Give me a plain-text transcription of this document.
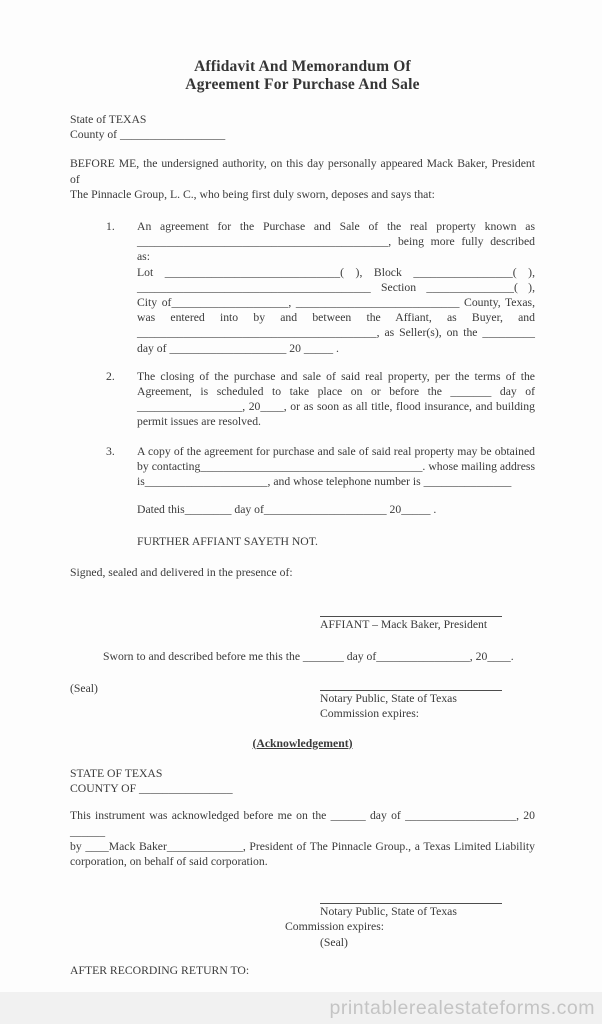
Affidavit And Memorandum Of
Agreement For Purchase And Sale
State of TEXAS
County of __________________
BEFORE ME, the undersigned authority, on this day personally appeared Mack Baker, President of
The Pinnacle Group, L. C., who being first duly sworn, deposes and says that:
1.	An agreement for the Purchase and Sale of the real property known as
___________________________________________, being more fully described as:
Lot ______________________________( ), Block _________________( ),
________________________________________ Section _______________( ),
City of____________________, ____________________________ County, Texas,
was entered into by and between the Affiant, as Buyer, and
_________________________________________, as Seller(s), on the _________
day of ____________________ 20 _____ .
2.	The closing of the purchase and sale of said real property, per the terms of the
Agreement, is scheduled to take place on or before the _______ day of
__________________, 20____, or as soon as all title, flood insurance, and building
permit issues are resolved.
3.	A copy of the agreement for purchase and sale of said real property may be obtained
by contacting______________________________________. whose mailing address
is_____________________, and whose telephone number is _______________
Dated this________ day of_____________________ 20_____ .
FURTHER AFFIANT SAYETH NOT.
Signed, sealed and delivered in the presence of:
AFFIANT – Mack Baker, President
Sworn to and described before me this the _______ day of________________, 20____.
(Seal)
Notary Public, State of Texas
Commission expires:
(Acknowledgement)
STATE OF TEXAS
COUNTY OF ________________
This instrument was acknowledged before me on the ______ day of ___________________, 20 ______
by ____Mack Baker_____________, President of The Pinnacle Group., a Texas Limited Liability
corporation, on behalf of said corporation.
Notary Public, State of Texas
Commission expires:
(Seal)
AFTER RECORDING RETURN TO:
printablerealestateforms.com
